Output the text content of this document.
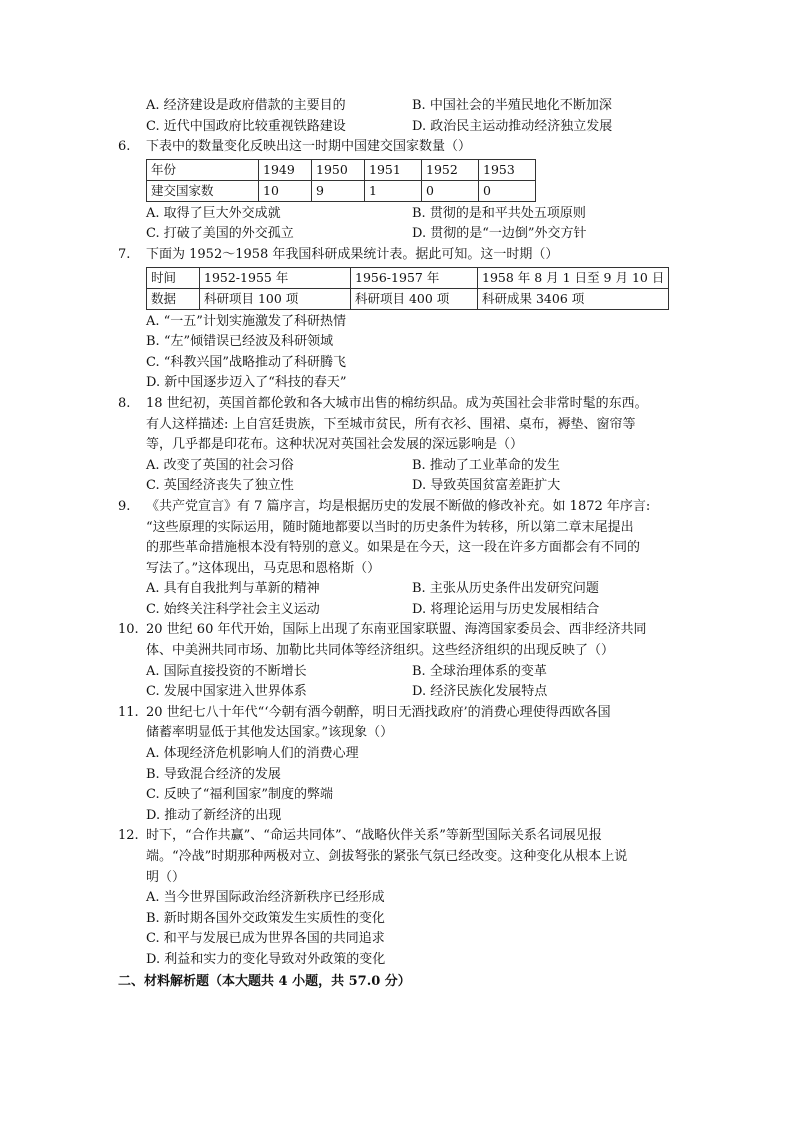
A. 经济建设是政府借款的主要目的	B. 中国社会的半殖民地化不断加深
C. 近代中国政府比较重视铁路建设	D. 政治民主运动推动经济独立发展
6.	下表中的数量变化反映出这一时期中国建交国家数量（）
年份	1949	1950	1951	1952	1953
建交国家数	10	9	1	0	0
A. 取得了巨大外交成就	B. 贯彻的是和平共处五项原则
C. 打破了美国的外交孤立	D. 贯彻的是“一边倒”外交方针
7.	下面为 1952～1958 年我国科研成果统计表。据此可知。这一时期（）
时间	1952-1955 年	1956-1957 年	1958 年 8 月 1 日至 9 月 10 日
数据	科研项目 100 项	科研项目 400 项	科研成果 3406 项
A. “一五”计划实施激发了科研热情
B. “左”倾错误已经波及科研领域
C. “科教兴国”战略推动了科研腾飞
D. 新中国逐步迈入了“科技的春天”
8.	18 世纪初，英国首都伦敦和各大城市出售的棉纺织品。成为英国社会非常时髦的东西。
有人这样描述: 上自宫廷贵族，下至城市贫民，所有衣衫、围裙、桌布，褥垫、窗帘等
等，几乎都是印花布。这种状况对英国社会发展的深远影响是（）
A. 改变了英国的社会习俗	B. 推动了工业革命的发生
C. 英国经济丧失了独立性	D. 导致英国贫富差距扩大
9.	《共产党宣言》有 7 篇序言，均是根据历史的发展不断做的修改补充。如 1872 年序言:
“这些原理的实际运用，随时随地都要以当时的历史条件为转移，所以第二章末尾提出
的那些革命措施根本没有特别的意义。如果是在今天，这一段在许多方面都会有不同的
写法了。”这体现出，马克思和恩格斯（）
A. 具有自我批判与革新的精神	B. 主张从历史条件出发研究问题
C. 始终关注科学社会主义运动	D. 将理论运用与历史发展相结合
10. 20 世纪 60 年代开始，国际上出现了东南亚国家联盟、海湾国家委员会、西非经济共同
体、中美洲共同市场、加勒比共同体等经济组织。这些经济组织的出现反映了（）
A. 国际直接投资的不断增长	B. 全球治理体系的变革
C. 发展中国家进入世界体系	D. 经济民族化发展特点
11. 20 世纪七八十年代“‘今朝有酒今朝醉，明日无酒找政府’的消费心理使得西欧各国
储蓄率明显低于其他发达国家。”该现象（）
A. 体现经济危机影响人们的消费心理
B. 导致混合经济的发展
C. 反映了“福利国家”制度的弊端
D. 推动了新经济的出现
12. 时下，“合作共赢”、“命运共同体”、“战略伙伴关系”等新型国际关系名词展见报
端。“冷战”时期那种两极对立、剑拔弩张的紧张气氛已经改变。这种变化从根本上说
明（）
A. 当今世界国际政治经济新秩序已经形成
B. 新时期各国外交政策发生实质性的变化
C. 和平与发展已成为世界各国的共同追求
D. 利益和实力的变化导致对外政策的变化
二、材料解析题（本大题共 4 小题，共 57.0 分）
